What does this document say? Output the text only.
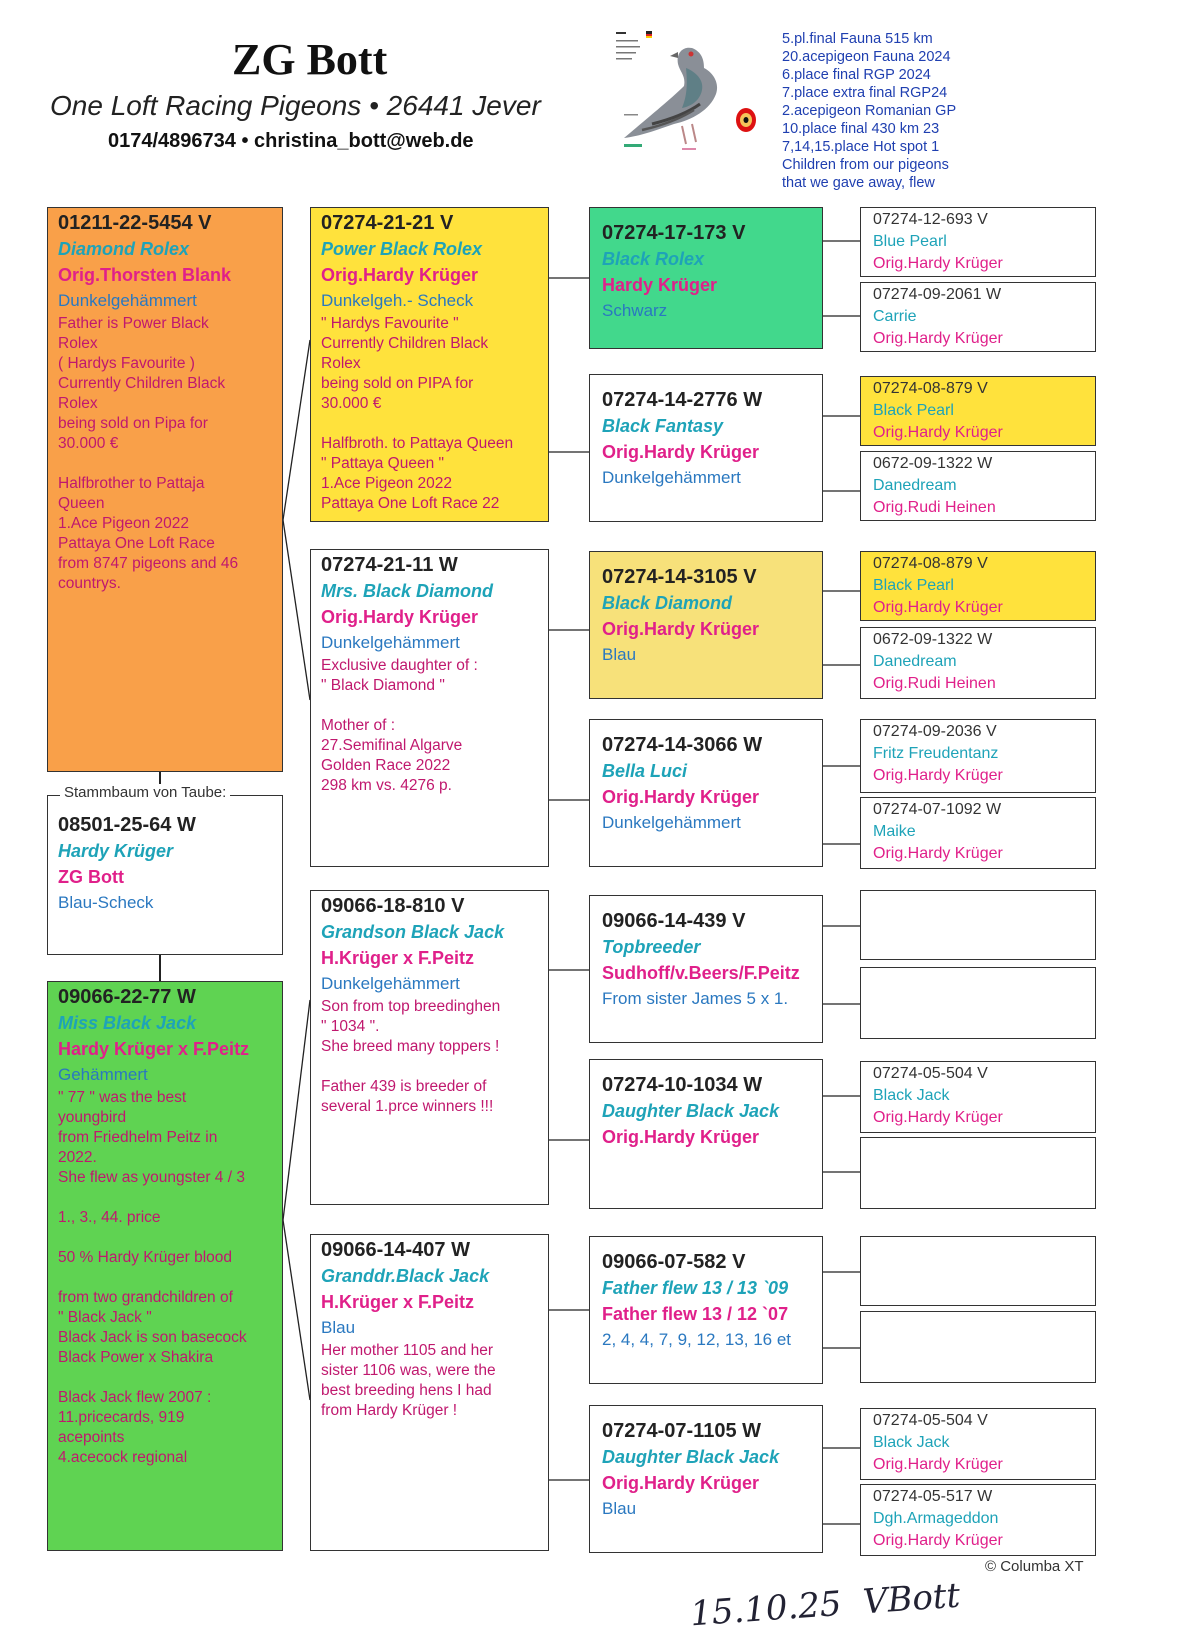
ZG Bott
One Loft Racing Pigeons • 26441 Jever
0174/4896734 • christina_bott@web.de
5.pl.final Fauna 515 km
20.acepigeon Fauna 2024
6.place final RGP 2024
7.place extra final RGP24
2.acepigeon Romanian GP
10.place final 430 km 23
7,14,15.place Hot spot 1
Children from our pigeons
that we gave away, flew
01211-22-5454 V
Diamond Rolex
Orig.Thorsten Blank
Dunkelgehämmert
Father is Power Black
Rolex
( Hardys Favourite )
Currently Children Black
Rolex
being sold on Pipa for
30.000 €

Halfbrother to Pattaja
Queen
1.Ace Pigeon 2022
Pattaya One Loft Race
from 8747 pigeons and 46
countrys.
08501-25-64 W
Hardy Krüger
ZG Bott
Blau-Scheck
Stammbaum von Taube:
09066-22-77 W
Miss Black Jack
Hardy Krüger x F.Peitz
Gehämmert
" 77 " was the best
youngbird
from Friedhelm Peitz in
2022.
She flew as youngster 4 / 3

1., 3., 44. price

50 % Hardy Krüger blood

from two grandchildren of
" Black Jack "
Black Jack is son basecock
Black Power x Shakira

Black Jack flew 2007 :
11.pricecards, 919
acepoints
4.acecock regional
07274-21-21 V
Power Black Rolex
Orig.Hardy Krüger
Dunkelgeh.- Scheck
" Hardys Favourite "
Currently Children Black
Rolex
being sold on PIPA for
30.000 €

Halfbroth. to Pattaya Queen
" Pattaya Queen "
1.Ace Pigeon 2022
Pattaya One Loft Race 22
07274-21-11 W
Mrs. Black Diamond
Orig.Hardy Krüger
Dunkelgehämmert
Exclusive daughter of :
" Black Diamond "

Mother of :
27.Semifinal Algarve
Golden Race 2022
298 km vs. 4276 p.
09066-18-810 V
Grandson Black Jack
H.Krüger x F.Peitz
Dunkelgehämmert
Son from top breedinghen
" 1034 ".
She breed many toppers !

Father 439 is breeder of
several 1.prce winners !!!
09066-14-407 W
Granddr.Black Jack
H.Krüger x F.Peitz
Blau
Her mother 1105 and her
sister 1106 was, were the
best breeding hens I had
from Hardy Krüger !
07274-17-173 V
Black Rolex
Hardy Krüger
Schwarz
07274-14-2776 W
Black Fantasy
Orig.Hardy Krüger
Dunkelgehämmert
07274-14-3105 V
Black Diamond
Orig.Hardy Krüger
Blau
07274-14-3066 W
Bella Luci
Orig.Hardy Krüger
Dunkelgehämmert
09066-14-439 V
Topbreeder
Sudhoff/v.Beers/F.Peitz
From sister James 5 x 1.
07274-10-1034 W
Daughter Black Jack
Orig.Hardy Krüger
09066-07-582 V
Father flew 13 / 13 `09
Father flew 13 / 12 `07
2, 4, 4, 7, 9, 12, 13, 16 et
07274-07-1105 W
Daughter Black Jack
Orig.Hardy Krüger
Blau
07274-12-693 V
Blue Pearl
Orig.Hardy Krüger
07274-09-2061 W
Carrie
Orig.Hardy Krüger
07274-08-879 V
Black Pearl
Orig.Hardy Krüger
0672-09-1322 W
Danedream
Orig.Rudi Heinen
07274-08-879 V
Black Pearl
Orig.Hardy Krüger
0672-09-1322 W
Danedream
Orig.Rudi Heinen
07274-09-2036 V
Fritz Freudentanz
Orig.Hardy Krüger
07274-07-1092 W
Maike
Orig.Hardy Krüger
07274-05-504 V
Black Jack
Orig.Hardy Krüger
07274-05-504 V
Black Jack
Orig.Hardy Krüger
07274-05-517 W
Dgh.Armageddon
Orig.Hardy Krüger
© Columba XT
15.10.25  VBott
